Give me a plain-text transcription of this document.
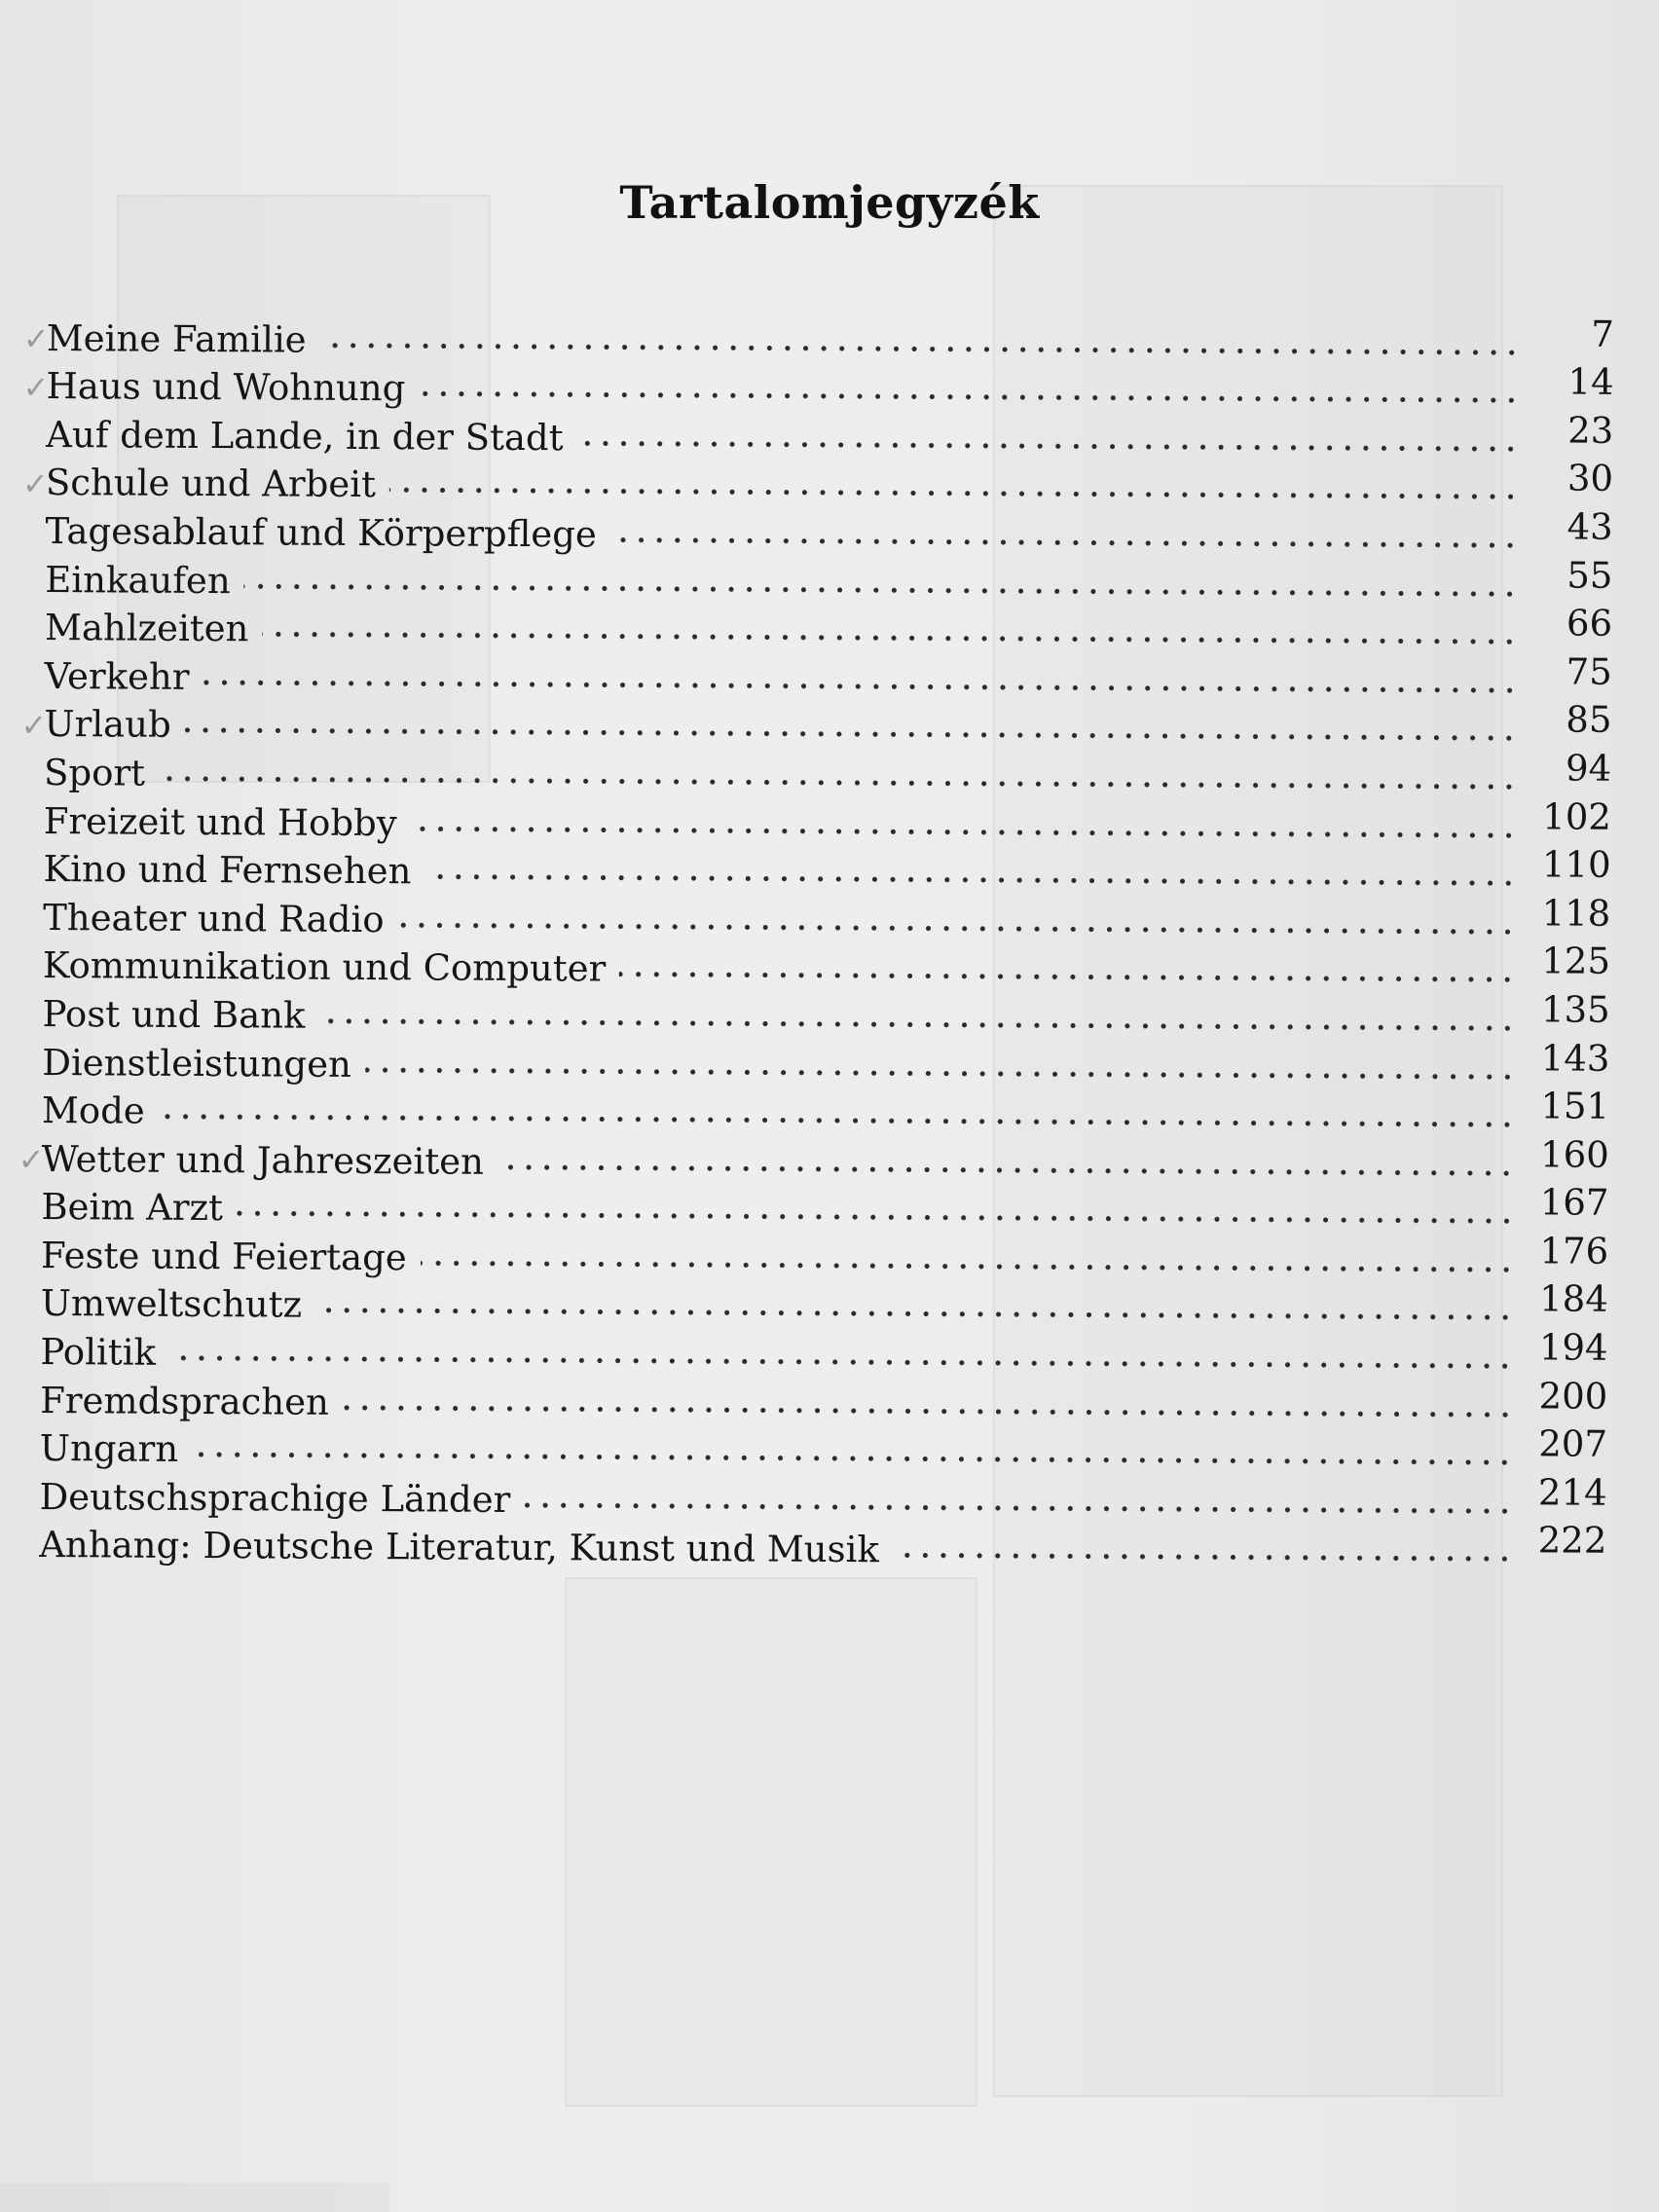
Tartalomjegyzék
✓
Meine Familie	7
✓
Haus und Wohnung	14
Auf dem Lande, in der Stadt	23
✓
Schule und Arbeit	30
Tagesablauf und Körperpflege	43
Einkaufen	55
Mahlzeiten	66
Verkehr	75
✓
Urlaub	85
Sport	94
Freizeit und Hobby	102
Kino und Fernsehen	110
Theater und Radio	118
Kommunikation und Computer	125
Post und Bank	135
Dienstleistungen	143
Mode	151
✓
Wetter und Jahreszeiten	160
Beim Arzt	167
Feste und Feiertage	176
Umweltschutz	184
Politik	194
Fremdsprachen	200
Ungarn	207
Deutschsprachige Länder	214
Anhang: Deutsche Literatur, Kunst und Musik	222
